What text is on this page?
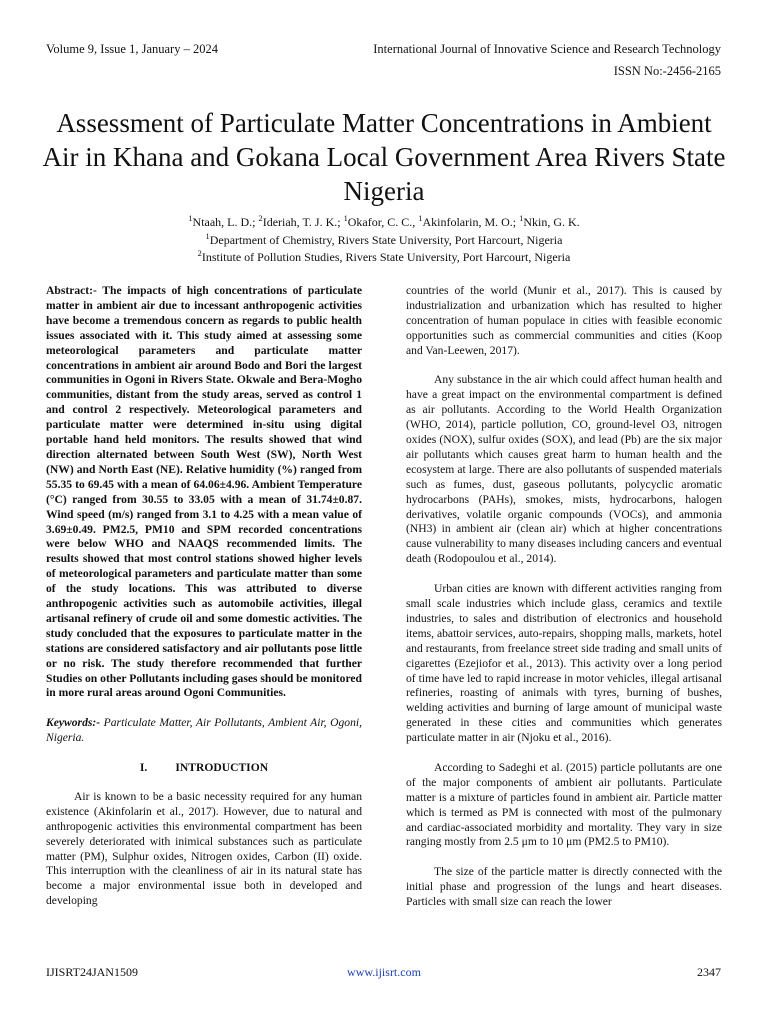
Volume 9, Issue 1, January – 2024	International Journal of Innovative Science and Research Technology
ISSN No:-2456-2165
Assessment of Particulate Matter Concentrations in Ambient Air in Khana and Gokana Local Government Area Rivers State Nigeria
$^1$Ntaah, L. D.; $^2$Ideriah, T. J. K.; $^1$Okafor, C. C., $^1$Akinfolarin, M. O.; $^1$Nkin, G. K.
$^1$Department of Chemistry, Rivers State University, Port Harcourt, Nigeria
$^2$Institute of Pollution Studies, Rivers State University, Port Harcourt, Nigeria

Abstract:- The impacts of high concentrations of particulate matter in ambient air due to incessant anthropogenic activities have become a tremendous concern as regards to public health issues associated with it. This study aimed at assessing some meteorological parameters and particulate matter concentrations in ambient air around Bodo and Bori the largest communities in Ogoni in Rivers State. Okwale and Bera-Mogho communities, distant from the study areas, served as control 1 and control 2 respectively. Meteorological parameters and particulate matter were determined in-situ using digital portable hand held monitors. The results showed that wind direction alternated between South West (SW), North West (NW) and North East (NE). Relative humidity (%) ranged from 55.35 to 69.45 with a mean of 64.06±4.96. Ambient Temperature (°C) ranged from 30.55 to 33.05 with a mean of 31.74±0.87. Wind speed (m/s) ranged from 3.1 to 4.25 with a mean value of 3.69±0.49. PM2.5, PM10 and SPM recorded concentrations were below WHO and NAAQS recommended limits. The results showed that most control stations showed higher levels of meteorological parameters and particulate matter than some of the study locations. This was attributed to diverse anthropogenic activities such as automobile activities, illegal artisanal refinery of crude oil and some domestic activities. The study concluded that the exposures to particulate matter in the stations are considered satisfactory and air pollutants pose little or no risk. The study therefore recommended that further Studies on other Pollutants including gases should be monitored in more rural areas around Ogoni Communities.

Keywords:- Particulate Matter, Air Pollutants, Ambient Air, Ogoni, Nigeria.

I. INTRODUCTION

Air is known to be a basic necessity required for any human existence (Akinfolarin et al., 2017). However, due to natural and anthropogenic activities this environmental compartment has been severely deteriorated with inimical substances such as particulate matter (PM), Sulphur oxides, Nitrogen oxides, Carbon (II) oxide. This interruption with the cleanliness of air in its natural state has become a major environmental issue both in developed and developing

countries of the world (Munir et al., 2017). This is caused by industrialization and urbanization which has resulted to higher concentration of human populace in cities with feasible economic opportunities such as commercial communities and cities (Koop and Van-Leewen, 2017).

Any substance in the air which could affect human health and have a great impact on the environmental compartment is defined as air pollutants. According to the World Health Organization (WHO, 2014), particle pollution, CO, ground-level O3, nitrogen oxides (NOX), sulfur oxides (SOX), and lead (Pb) are the six major air pollutants which causes great harm to human health and the ecosystem at large. There are also pollutants of suspended materials such as fumes, dust, gaseous pollutants, polycyclic aromatic hydrocarbons (PAHs), smokes, mists, hydrocarbons, halogen derivatives, volatile organic compounds (VOCs), and ammonia (NH3) in ambient air (clean air) which at higher concentrations cause vulnerability to many diseases including cancers and eventual death (Rodopoulou et al., 2014).

Urban cities are known with different activities ranging from small scale industries which include glass, ceramics and textile industries, to sales and distribution of electronics and household items, abattoir services, auto-repairs, shopping malls, markets, hotel and restaurants, from freelance street side trading and small units of cigarettes (Ezejiofor et al., 2013). This activity over a long period of time have led to rapid increase in motor vehicles, illegal artisanal refineries, roasting of animals with tyres, burning of bushes, welding activities and burning of large amount of municipal waste generated in these cities and communities which generates particulate matter in air (Njoku et al., 2016).

According to Sadeghi et al. (2015) particle pollutants are one of the major components of ambient air pollutants. Particulate matter is a mixture of particles found in ambient air. Particle matter which is termed as PM is connected with most of the pulmonary and cardiac-associated morbidity and mortality. They vary in size ranging mostly from 2.5 μm to 10 μm (PM2.5 to PM10).

The size of the particle matter is directly connected with the initial phase and progression of the lungs and heart diseases. Particles with small size can reach the lower

IJISRT24JAN1509	www.ijisrt.com	2347
